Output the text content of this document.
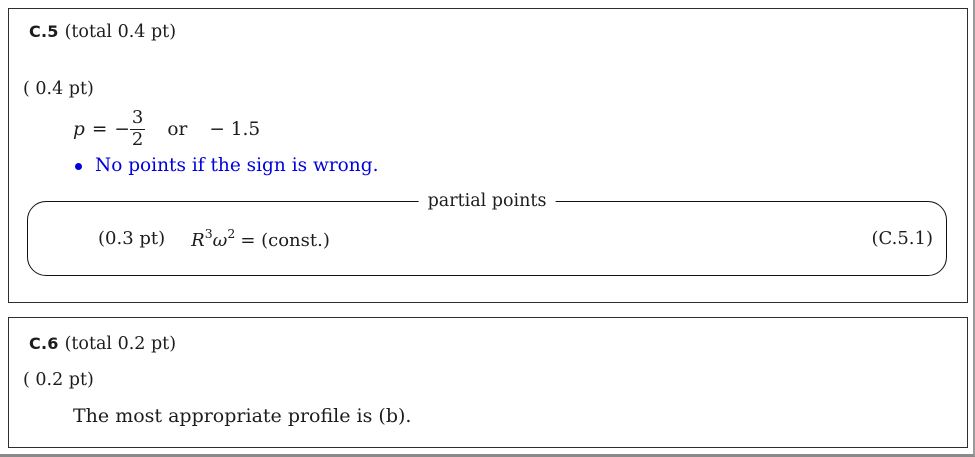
C.5 (total 0.4 pt)
( 0.4 pt)
p = − $\frac{3}{2}$ or − 1.5
No points if the sign is wrong.
partial points
(0.3 pt) $R^3\omega^2$ = (const.)	(C.5.1)
C.6 (total 0.2 pt)
( 0.2 pt)
The most appropriate profile is (b).
